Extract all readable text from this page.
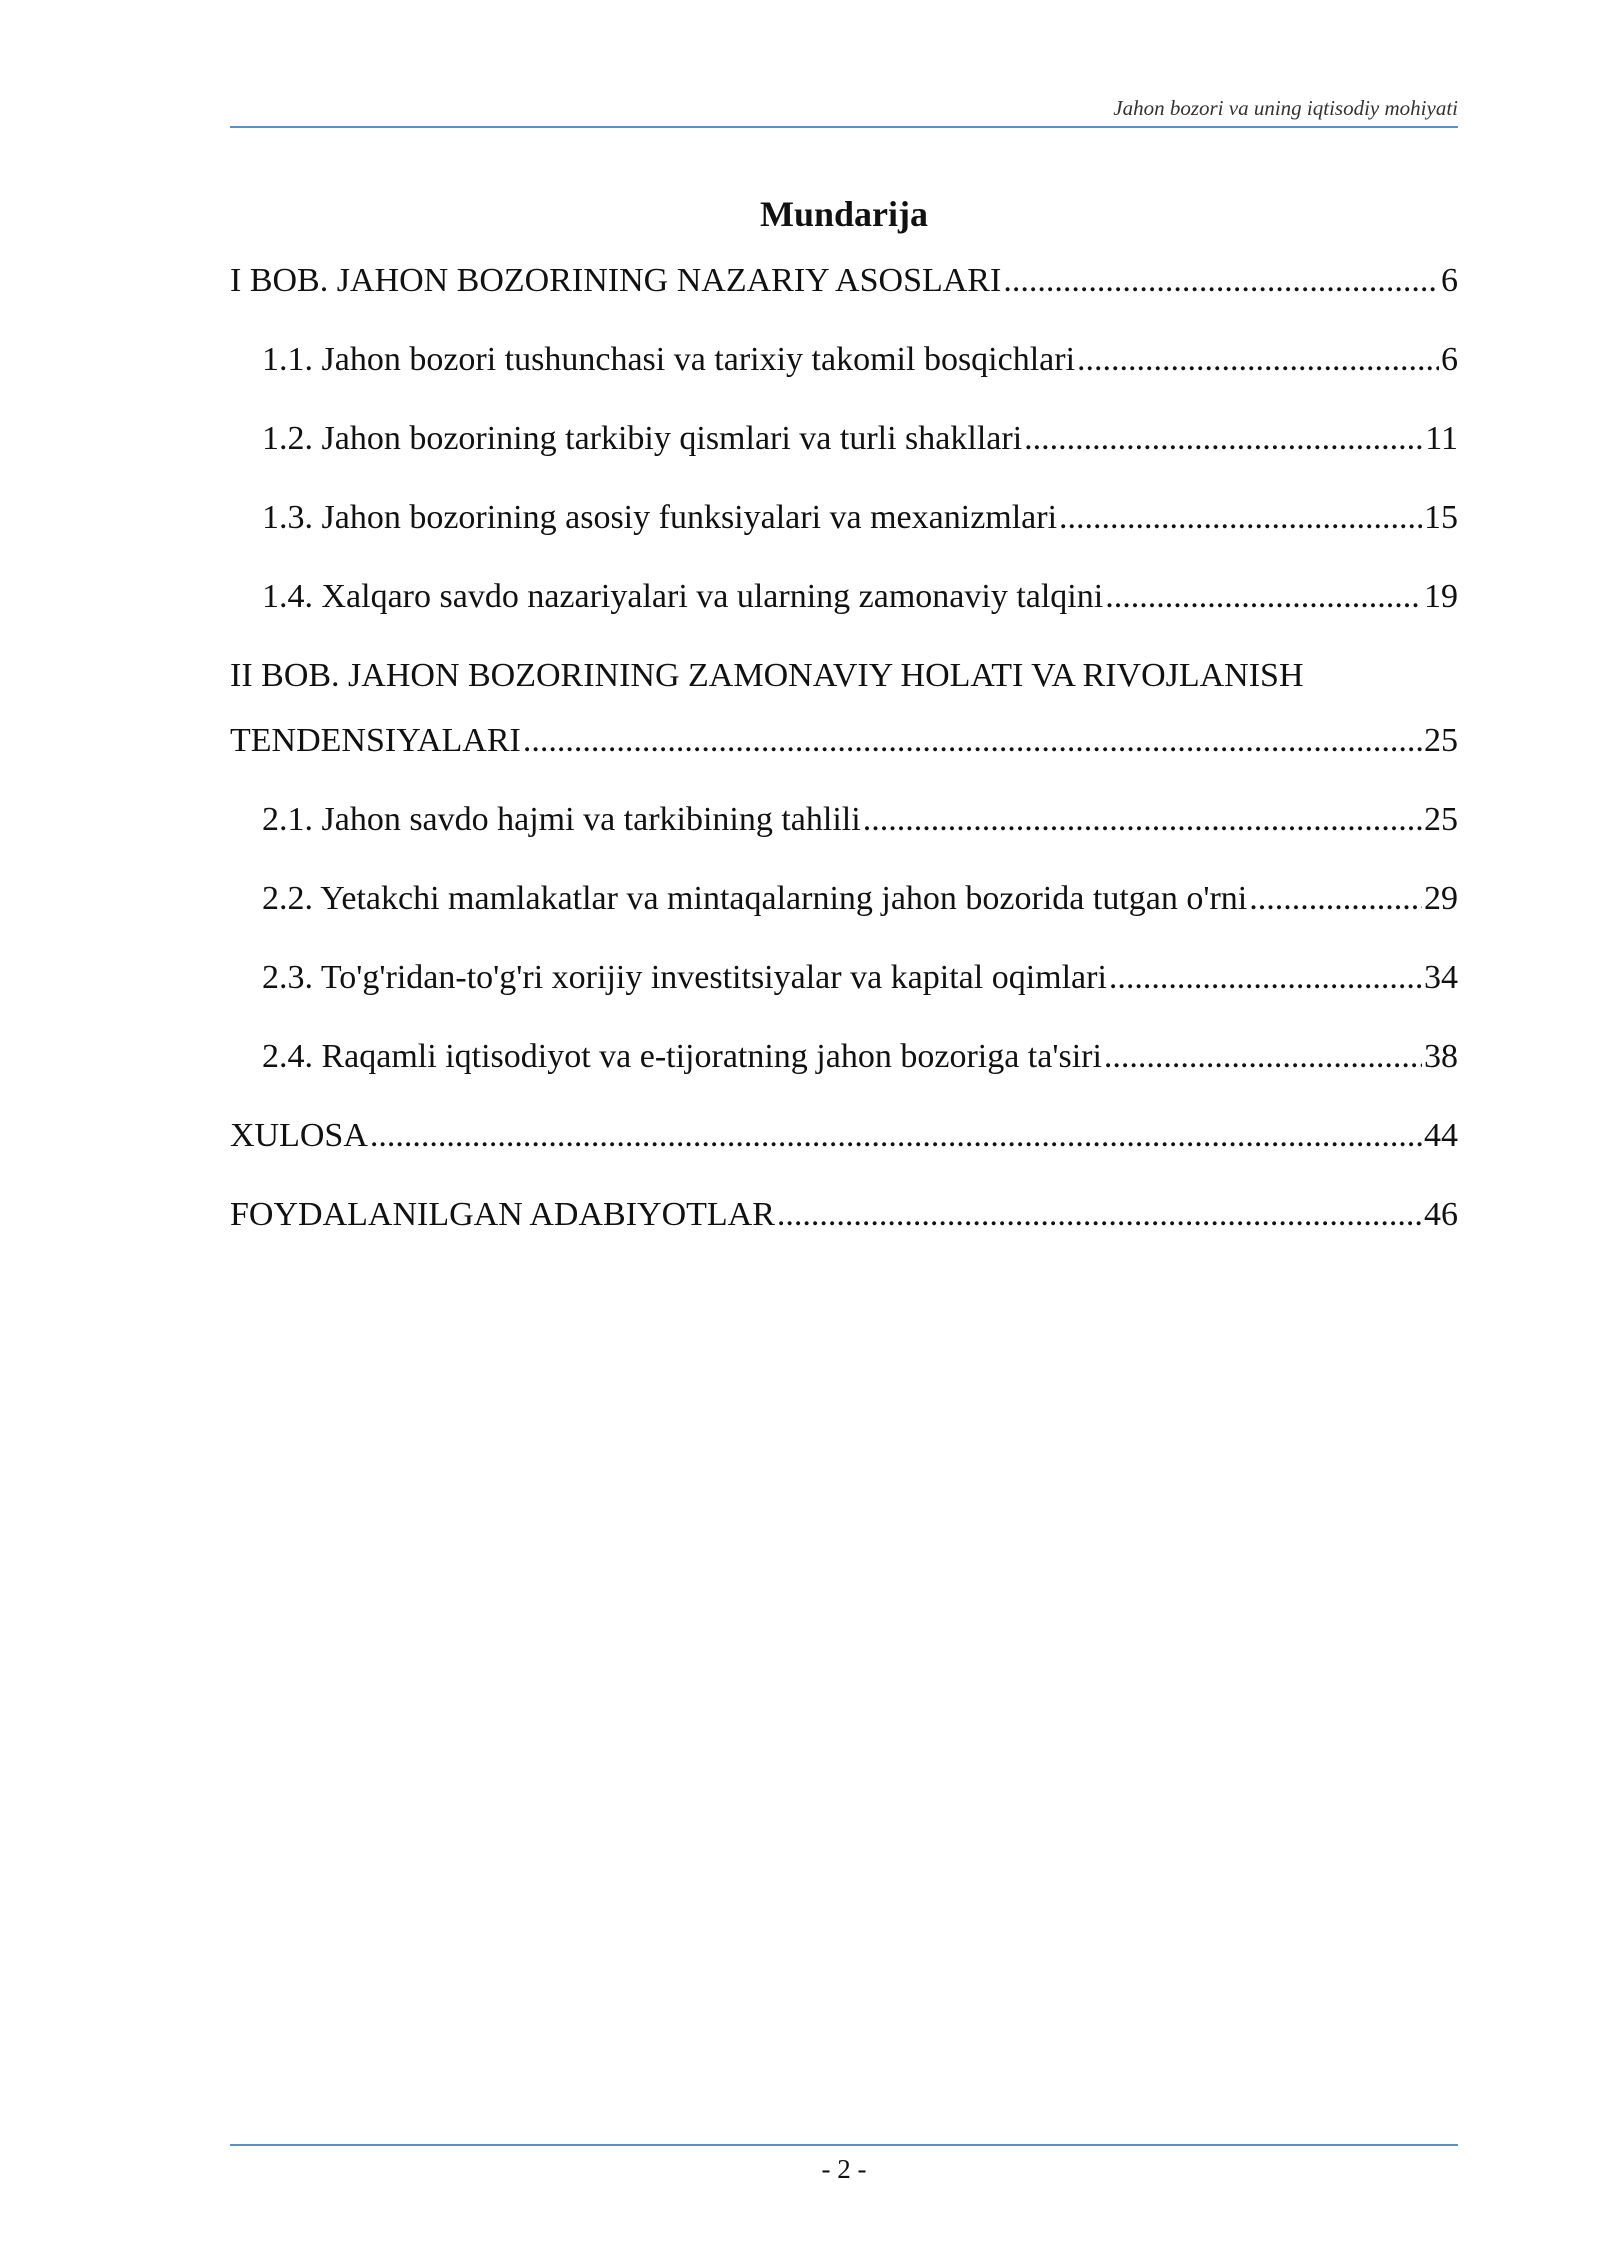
Jahon bozori va uning iqtisodiy mohiyati
Mundarija
I BOB. JAHON BOZORINING NAZARIY ASOSLARI .....	6
1.1. Jahon bozori tushunchasi va tarixiy takomil bosqichlari .....	6
1.2. Jahon bozorining tarkibiy qismlari va turli shakllari .....	11
1.3. Jahon bozorining asosiy funksiyalari va mexanizmlari .....	15
1.4. Xalqaro savdo nazariyalari va ularning zamonaviy talqini .....	19
II BOB. JAHON BOZORINING ZAMONAVIY HOLATI VA RIVOJLANISH
TENDENSIYALARI .....	25
2.1. Jahon savdo hajmi va tarkibining tahlili .....	25
2.2. Yetakchi mamlakatlar va mintaqalarning jahon bozorida tutgan o'rni .....	29
2.3. To'g'ridan-to'g'ri xorijiy investitsiyalar va kapital oqimlari .....	34
2.4. Raqamli iqtisodiyot va e-tijoratning jahon bozoriga ta'siri .....	38
XULOSA .....	44
FOYDALANILGAN ADABIYOTLAR .....	46
- 2 -
